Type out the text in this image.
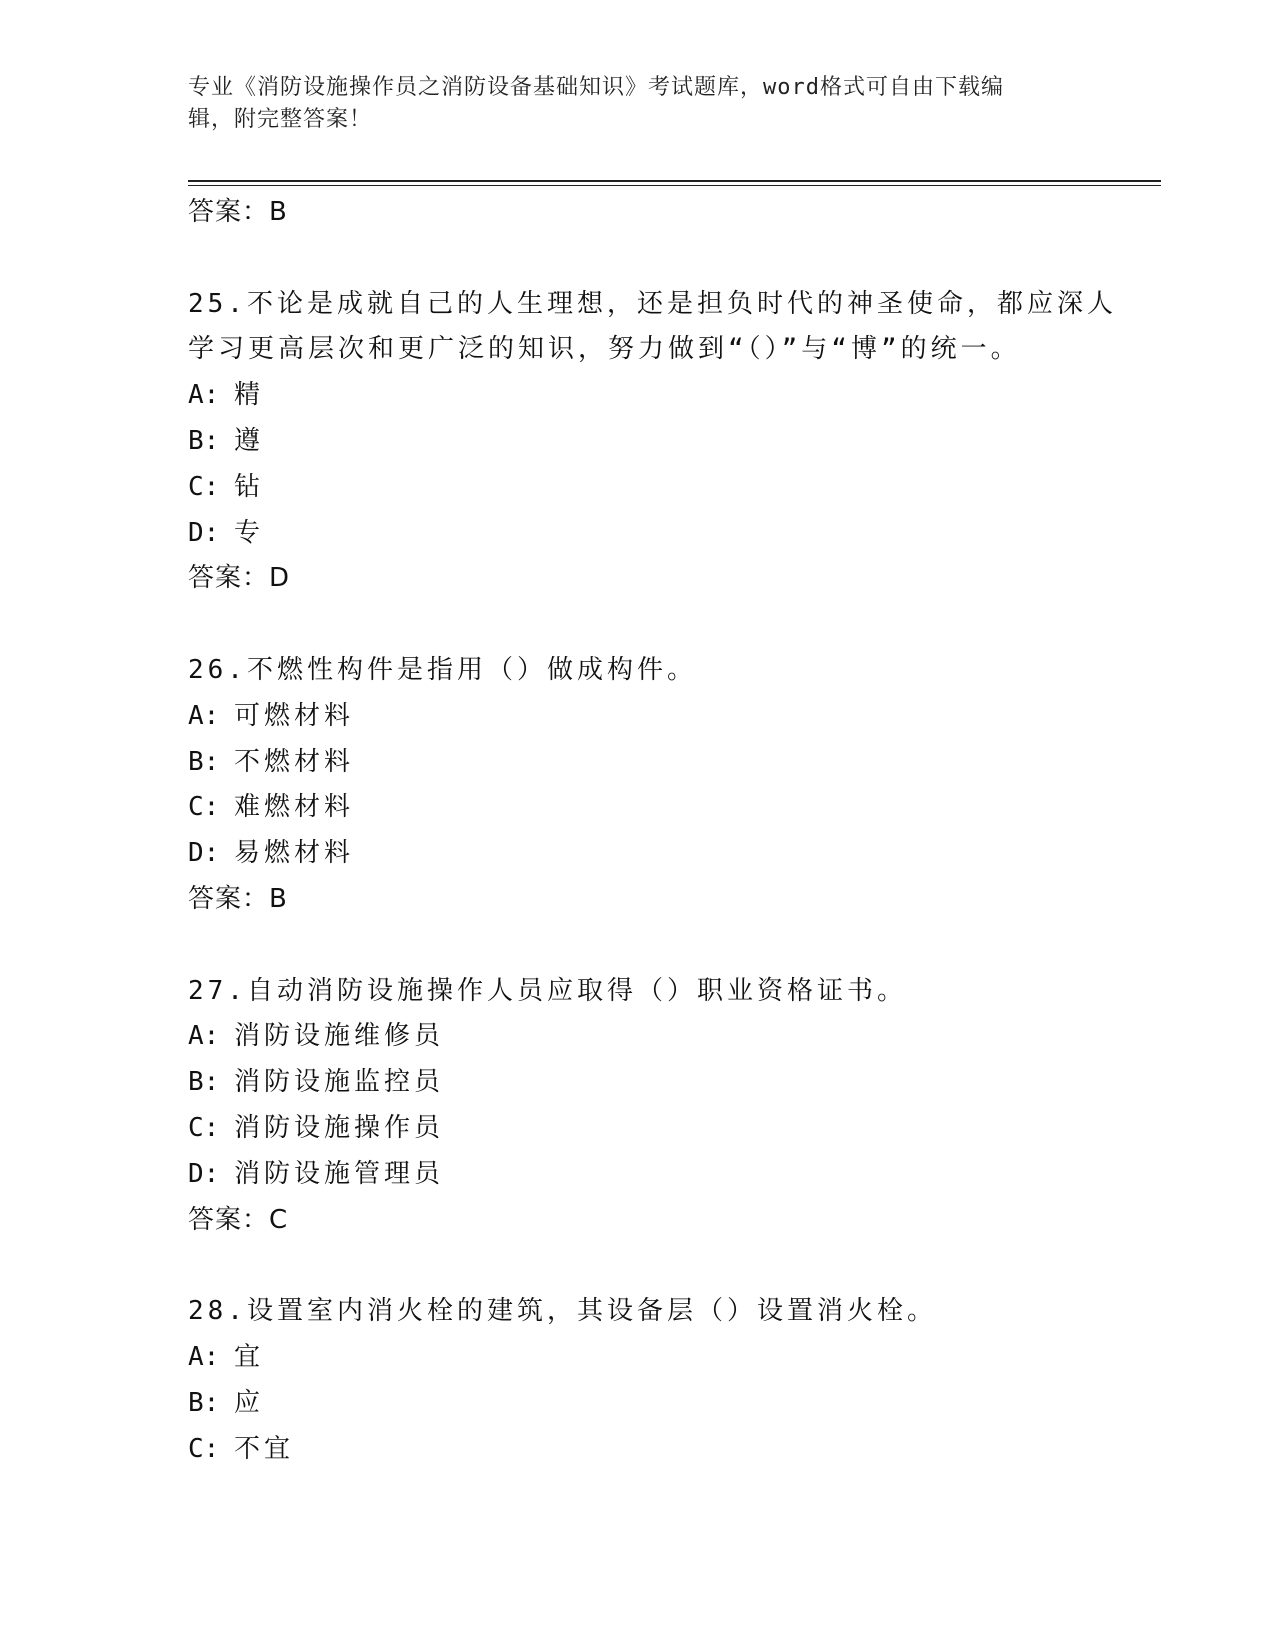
专业《消防设施操作员之消防设备基础知识》考试题库，word格式可自由下载编
辑，附完整答案！
答案：B
25.不论是成就自己的人生理想，还是担负时代的神圣使命，都应深人
学习更高层次和更广泛的知识，努力做到“（）”与“博”的统一。
A: 精
B: 遵
C: 钻
D: 专
答案：D
26.不燃性构件是指用（）做成构件。
A: 可燃材料
B: 不燃材料
C: 难燃材料
D: 易燃材料
答案：B
27.自动消防设施操作人员应取得（）职业资格证书。
A: 消防设施维修员
B: 消防设施监控员
C: 消防设施操作员
D: 消防设施管理员
答案：C
28.设置室内消火栓的建筑，其设备层（）设置消火栓。
A: 宜
B: 应
C: 不宜
